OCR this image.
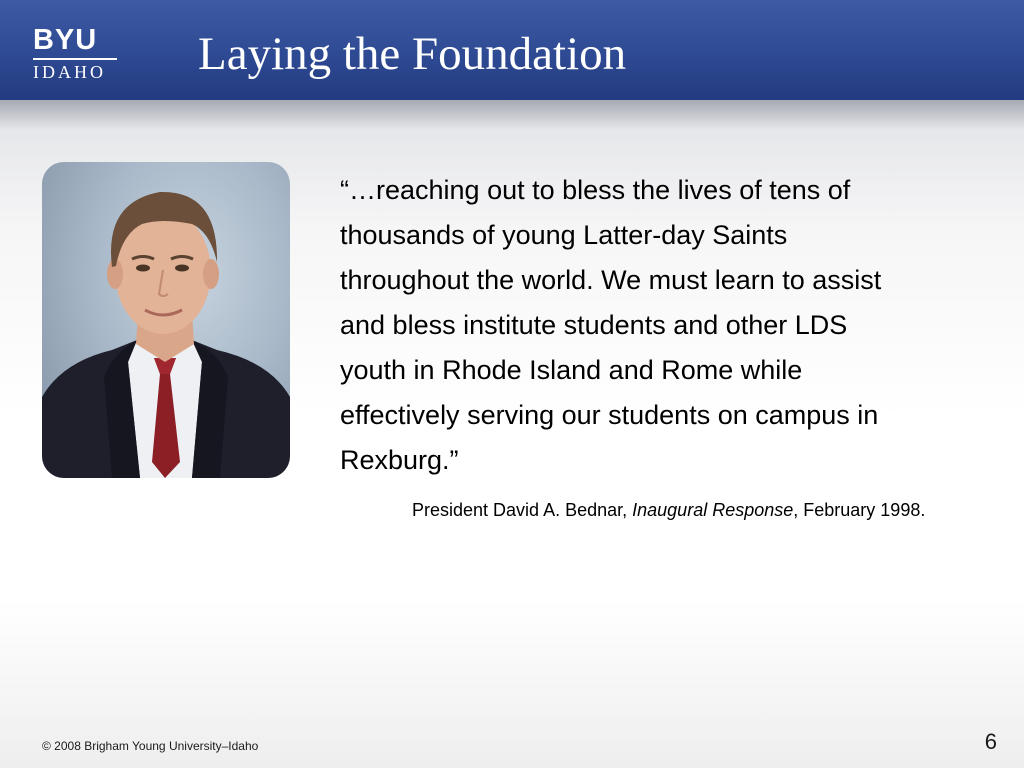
BYU
IDAHO Laying the Foundation
“…reaching out to bless the lives of tens of
thousands of young Latter-day Saints
throughout the world. We must learn to assist
and bless institute students and other LDS
youth in Rhode Island and Rome while
effectively serving our students on campus in
Rexburg.”

President David A. Bednar, Inaugural Response, February 1998.

© 2008 Brigham Young University–Idaho	6
